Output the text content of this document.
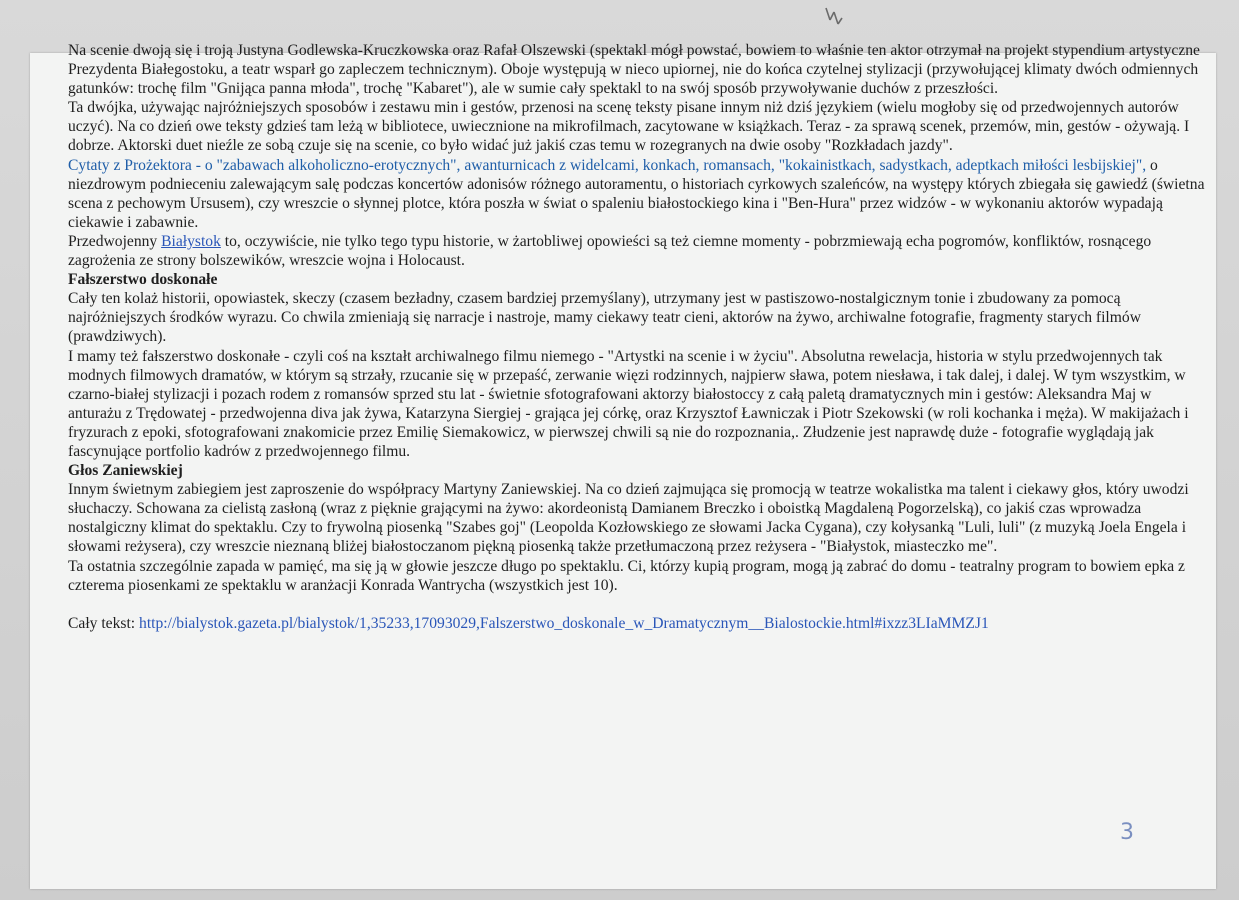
Na scenie dwoją się i troją Justyna Godlewska-Kruczkowska oraz Rafał Olszewski (spektakl mógł powstać, bowiem to właśnie ten aktor otrzymał na projekt stypendium artystyczne Prezydenta Białegostoku, a teatr wsparł go zapleczem technicznym). Oboje występują w nieco upiornej, nie do końca czytelnej stylizacji (przywołującej klimaty dwóch odmiennych gatunków: trochę film "Gnijąca panna młoda", trochę "Kabaret"), ale w sumie cały spektakl to na swój sposób przywoływanie duchów z przeszłości.

Ta dwójka, używając najróżniejszych sposobów i zestawu min i gestów, przenosi na scenę teksty pisane innym niż dziś językiem (wielu mogłoby się od przedwojennych autorów uczyć). Na co dzień owe teksty gdzieś tam leżą w bibliotece, uwiecznione na mikrofilmach, zacytowane w książkach. Teraz - za sprawą scenek, przemów, min, gestów - ożywają. I dobrze. Aktorski duet nieźle ze sobą czuje się na scenie, co było widać już jakiś czas temu w rozegranych na dwie osoby "Rozkładach jazdy".

Cytaty z Prożektora - o "zabawach alkoholiczno-erotycznych", awanturnicach z widelcami, konkach, romansach, "kokainistkach, sadystkach, adeptkach miłości lesbijskiej", o niezdrowym podnieceniu zalewającym salę podczas koncertów adonisów różnego autoramentu, o historiach cyrkowych szaleńców, na występy których zbiegała się gawiedź (świetna scena z pechowym Ursusem), czy wreszcie o słynnej plotce, która poszła w świat o spaleniu białostockiego kina i "Ben-Hura" przez widzów - w wykonaniu aktorów wypadają ciekawie i zabawnie.

Przedwojenny Białystok to, oczywiście, nie tylko tego typu historie, w żartobliwej opowieści są też ciemne momenty - pobrzmiewają echa pogromów, konfliktów, rosnącego zagrożenia ze strony bolszewików, wreszcie wojna i Holocaust.

Fałszerstwo doskonałe

Cały ten kolaż historii, opowiastek, skeczy (czasem bezładny, czasem bardziej przemyślany), utrzymany jest w pastiszowo-nostalgicznym tonie i zbudowany za pomocą najróżniejszych środków wyrazu. Co chwila zmieniają się narracje i nastroje, mamy ciekawy teatr cieni, aktorów na żywo, archiwalne fotografie, fragmenty starych filmów (prawdziwych).

I mamy też fałszerstwo doskonałe - czyli coś na kształt archiwalnego filmu niemego - "Artystki na scenie i w życiu". Absolutna rewelacja, historia w stylu przedwojennych tak modnych filmowych dramatów, w którym są strzały, rzucanie się w przepaść, zerwanie więzi rodzinnych, najpierw sława, potem niesława, i tak dalej, i dalej. W tym wszystkim, w czarno-białej stylizacji i pozach rodem z romansów sprzed stu lat - świetnie sfotografowani aktorzy białostoccy z całą paletą dramatycznych min i gestów: Aleksandra Maj w anturażu z Trędowatej - przedwojenna diva jak żywa, Katarzyna Siergiej - grająca jej córkę, oraz Krzysztof Ławniczak i Piotr Szekowski (w roli kochanka i męża). W makijażach i fryzurach z epoki, sfotografowani znakomicie przez Emilię Siemakowicz, w pierwszej chwili są nie do rozpoznania,. Złudzenie jest naprawdę duże - fotografie wyglądają jak fascynujące portfolio kadrów z przedwojennego filmu.

Głos Zaniewskiej

Innym świetnym zabiegiem jest zaproszenie do współpracy Martyny Zaniewskiej. Na co dzień zajmująca się promocją w teatrze wokalistka ma talent i ciekawy głos, który uwodzi słuchaczy. Schowana za cielistą zasłoną (wraz z pięknie grającymi na żywo: akordeonistą Damianem Breczko i oboistką Magdaleną Pogorzelską), co jakiś czas wprowadza nostalgiczny klimat do spektaklu. Czy to frywolną piosenką "Szabes goj" (Leopolda Kozłowskiego ze słowami Jacka Cygana), czy kołysanką "Luli, luli" (z muzyką Joela Engela i słowami reżysera), czy wreszcie nieznaną bliżej białostoczanom piękną piosenką także przetłumaczoną przez reżysera - "Białystok, miasteczko me".

Ta ostatnia szczególnie zapada w pamięć, ma się ją w głowie jeszcze długo po spektaklu. Ci, którzy kupią program, mogą ją zabrać do domu - teatralny program to bowiem epka z czterema piosenkami ze spektaklu w aranżacji Konrada Wantrycha (wszystkich jest 10).

Cały tekst: http://bialystok.gazeta.pl/bialystok/1,35233,17093029,Falszerstwo_doskonale_w_Dramatycznym__Bialostockie.html#ixzz3LIaMMZJ1

3
